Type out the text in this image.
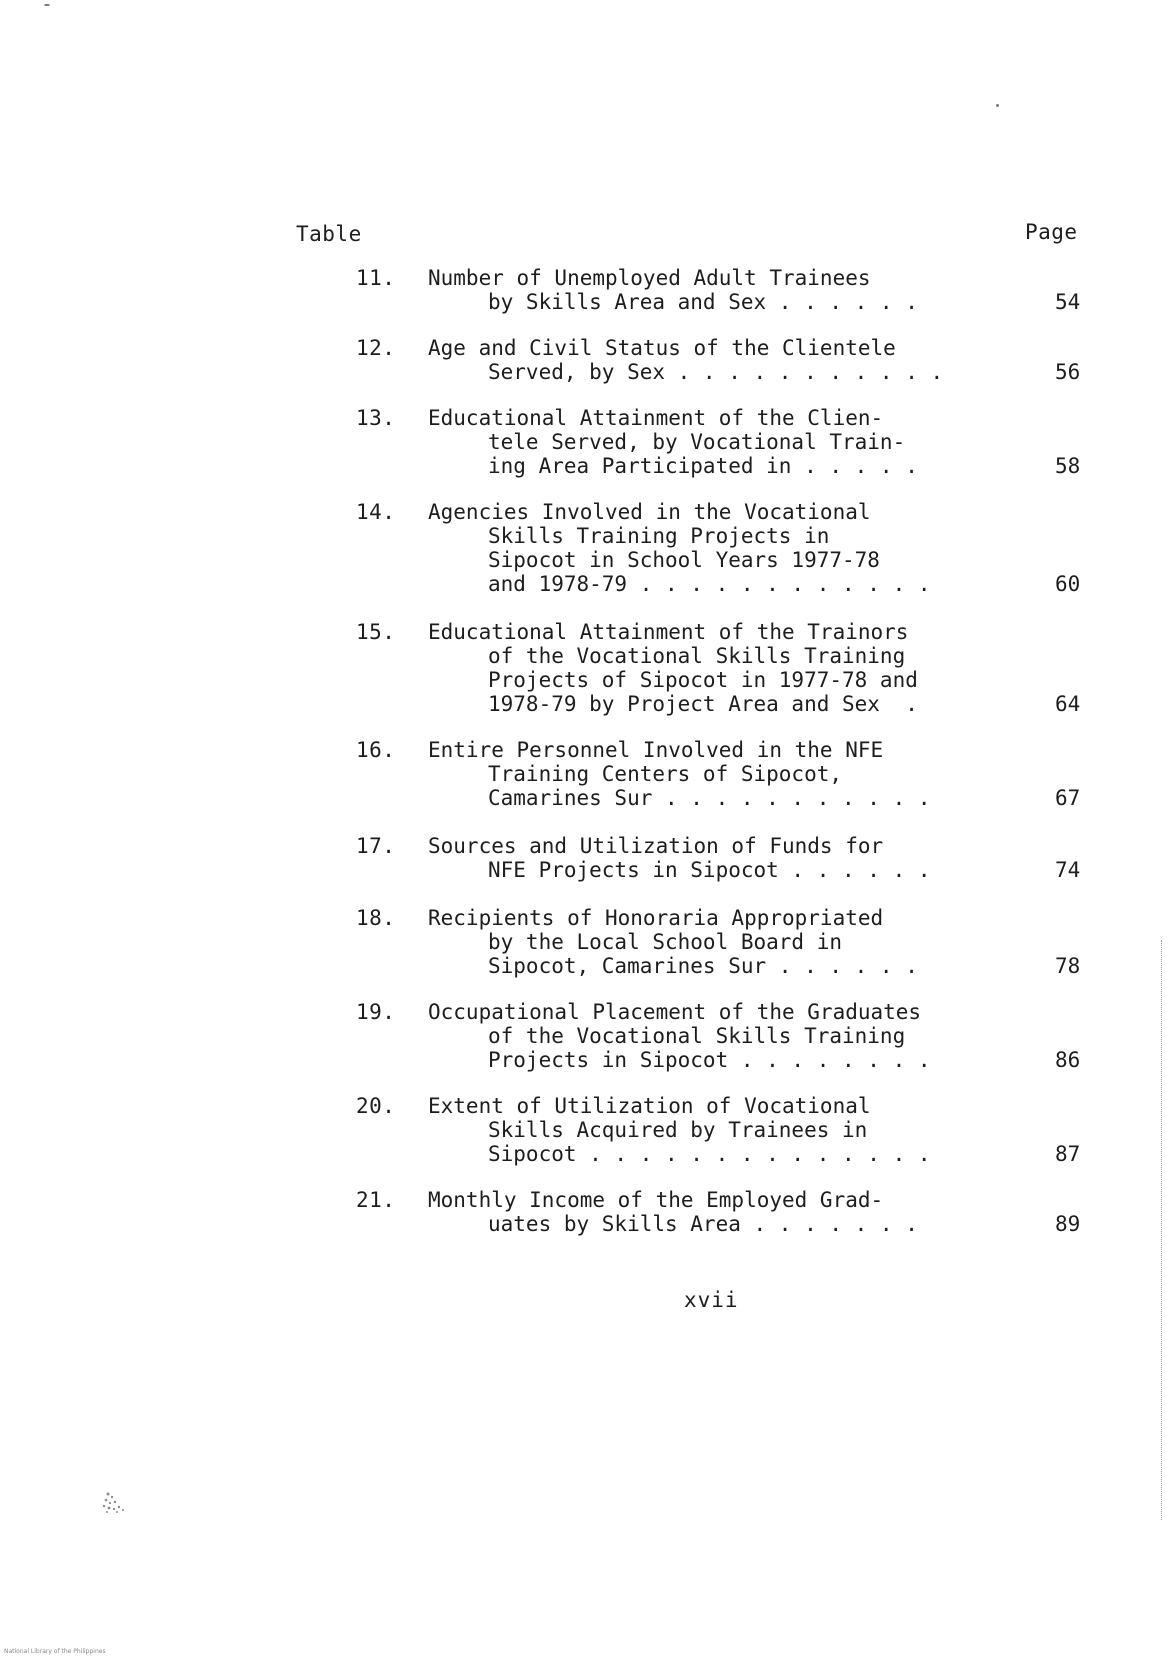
Table	Page
11. Number of Unemployed Adult Trainees
by Skills Area and Sex . . . . . .	54
12. Age and Civil Status of the Clientele
Served, by Sex . . . . . . . . . . .	56
13. Educational Attainment of the Clien-
tele Served, by Vocational Train-
ing Area Participated in . . . . .	58
14. Agencies Involved in the Vocational
Skills Training Projects in
Sipocot in School Years 1977-78
and 1978-79 . . . . . . . . . . . .	60
15. Educational Attainment of the Trainors
of the Vocational Skills Training
Projects of Sipocot in 1977-78 and
1978-79 by Project Area and Sex  .	64
16. Entire Personnel Involved in the NFE
Training Centers of Sipocot,
Camarines Sur . . . . . . . . . . .	67
17. Sources and Utilization of Funds for
NFE Projects in Sipocot . . . . . .	74
18. Recipients of Honoraria Appropriated
by the Local School Board in
Sipocot, Camarines Sur . . . . . .	78
19. Occupational Placement of the Graduates
of the Vocational Skills Training
Projects in Sipocot . . . . . . . .	86
20. Extent of Utilization of Vocational
Skills Acquired by Trainees in
Sipocot . . . . . . . . . . . . . .	87
21. Monthly Income of the Employed Grad-
uates by Skills Area . . . . . . .	89
xvii
National Library of the Philippines
